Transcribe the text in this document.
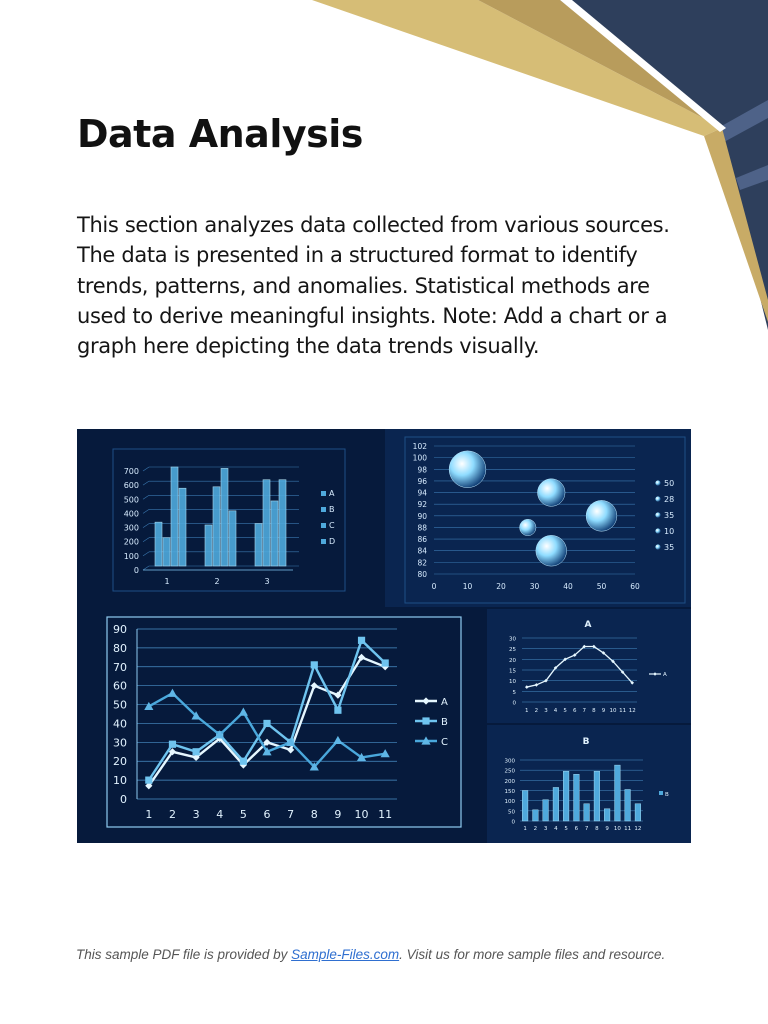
Data Analysis

This section analyzes data collected from various sources. The data is presented in a structured format to identify trends, patterns, and anomalies. Statistical methods are used to derive meaningful insights. Note: Add a chart or a graph here depicting the data trends visually.

0
100
200
300
400
500
600
700
1	2	3
A
B
C
D
80
82
84
86
88
90
92
94
96
98
100
102
0	10	20	30	40	50	60
50
28
35
10
35
0
10
20
30
40
50
60
70
80
90
1 2 3 4 5 6 7 8 9 10 11
A
B
C
A
0
5
10
15
20
25
30
1 2 3 4 5 6 7 8 9 10 11 12
A
B
0
50
100
150
200
250
300
1 2 3 4 5 6 7 8 9 10 11 12
B

This sample PDF file is provided by Sample-Files.com. Visit us for more sample files and resource.
